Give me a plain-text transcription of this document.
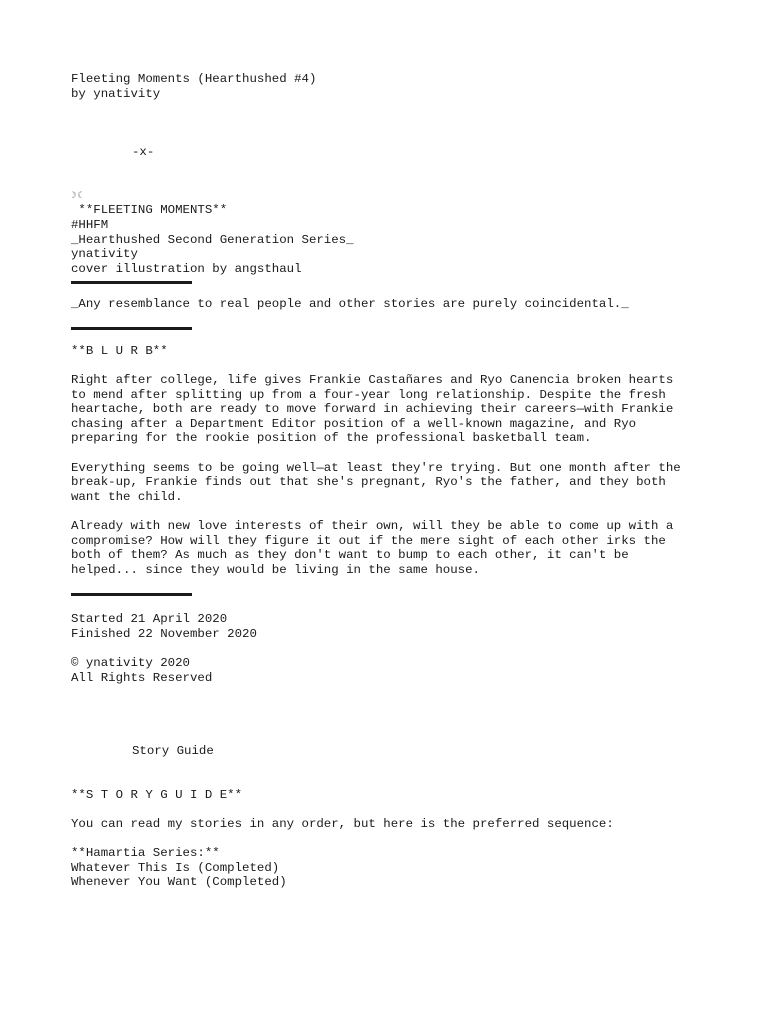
Fleeting Moments (Hearthushed #4)
by ynativity
-x-
☽☾
**FLEETING MOMENTS**
#HHFM
_Hearthushed Second Generation Series_
ynativity
cover illustration by angsthaul
_Any resemblance to real people and other stories are purely coincidental._
**B L U R B**

Right after college, life gives Frankie Castañares and Ryo Canencia broken hearts to mend after splitting up from a four-year long relationship. Despite the fresh heartache, both are ready to move forward in achieving their careers—with Frankie chasing after a Department Editor position of a well-known magazine, and Ryo preparing for the rookie position of the professional basketball team.

Everything seems to be going well—at least they're trying. But one month after the break-up, Frankie finds out that she's pregnant, Ryo's the father, and they both want the child.

Already with new love interests of their own, will they be able to come up with a compromise? How will they figure it out if the mere sight of each other irks the both of them? As much as they don't want to bump to each other, it can't be helped... since they would be living in the same house.

Started 21 April 2020
Finished 22 November 2020
© ynativity 2020
All Rights Reserved
Story Guide
**S T O R Y G U I D E**
You can read my stories in any order, but here is the preferred sequence:
**Hamartia Series:**
Whatever This Is (Completed)
Whenever You Want (Completed)
